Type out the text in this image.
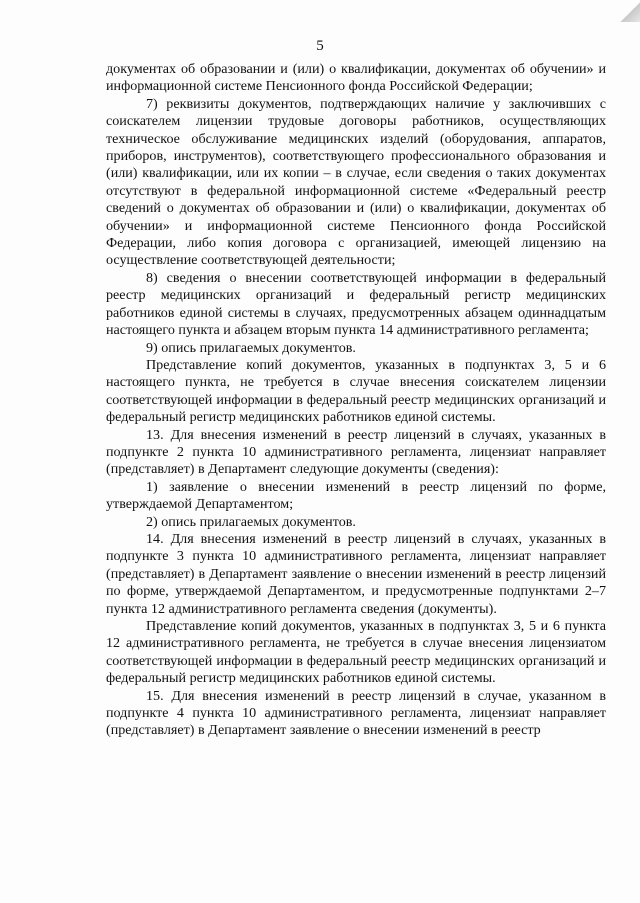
5

документах об образовании и (или) о квалификации, документах об обучении» и информационной системе Пенсионного фонда Российской Федерации;

7) реквизиты документов, подтверждающих наличие у заключивших с соискателем лицензии трудовые договоры работников, осуществляющих техническое обслуживание медицинских изделий (оборудования, аппаратов, приборов, инструментов), соответствующего профессионального образования и (или) квалификации, или их копии – в случае, если сведения о таких документах отсутствуют в федеральной информационной системе «Федеральный реестр сведений о документах об образовании и (или) о квалификации, документах об обучении» и информационной системе Пенсионного фонда Российской Федерации, либо копия договора с организацией, имеющей лицензию на осуществление соответствующей деятельности;

8) сведения о внесении соответствующей информации в федеральный реестр медицинских организаций и федеральный регистр медицинских работников единой системы в случаях, предусмотренных абзацем одиннадцатым настоящего пункта и абзацем вторым пункта 14 административного регламента;

9) опись прилагаемых документов.

Представление копий документов, указанных в подпунктах 3, 5 и 6 настоящего пункта, не требуется в случае внесения соискателем лицензии соответствующей информации в федеральный реестр медицинских организаций и федеральный регистр медицинских работников единой системы.

13. Для внесения изменений в реестр лицензий в случаях, указанных в подпункте 2 пункта 10 административного регламента, лицензиат направляет (представляет) в Департамент следующие документы (сведения):

1) заявление о внесении изменений в реестр лицензий по форме, утверждаемой Департаментом;

2) опись прилагаемых документов.

14. Для внесения изменений в реестр лицензий в случаях, указанных в подпункте 3 пункта 10 административного регламента, лицензиат направляет (представляет) в Департамент заявление о внесении изменений в реестр лицензий по форме, утверждаемой Департаментом, и предусмотренные подпунктами 2–7 пункта 12 административного регламента сведения (документы).

Представление копий документов, указанных в подпунктах 3, 5 и 6 пункта 12 административного регламента, не требуется в случае внесения лицензиатом соответствующей информации в федеральный реестр медицинских организаций и федеральный регистр медицинских работников единой системы.

15. Для внесения изменений в реестр лицензий в случае, указанном в подпункте 4 пункта 10 административного регламента, лицензиат направляет (представляет) в Департамент заявление о внесении изменений в реестр
